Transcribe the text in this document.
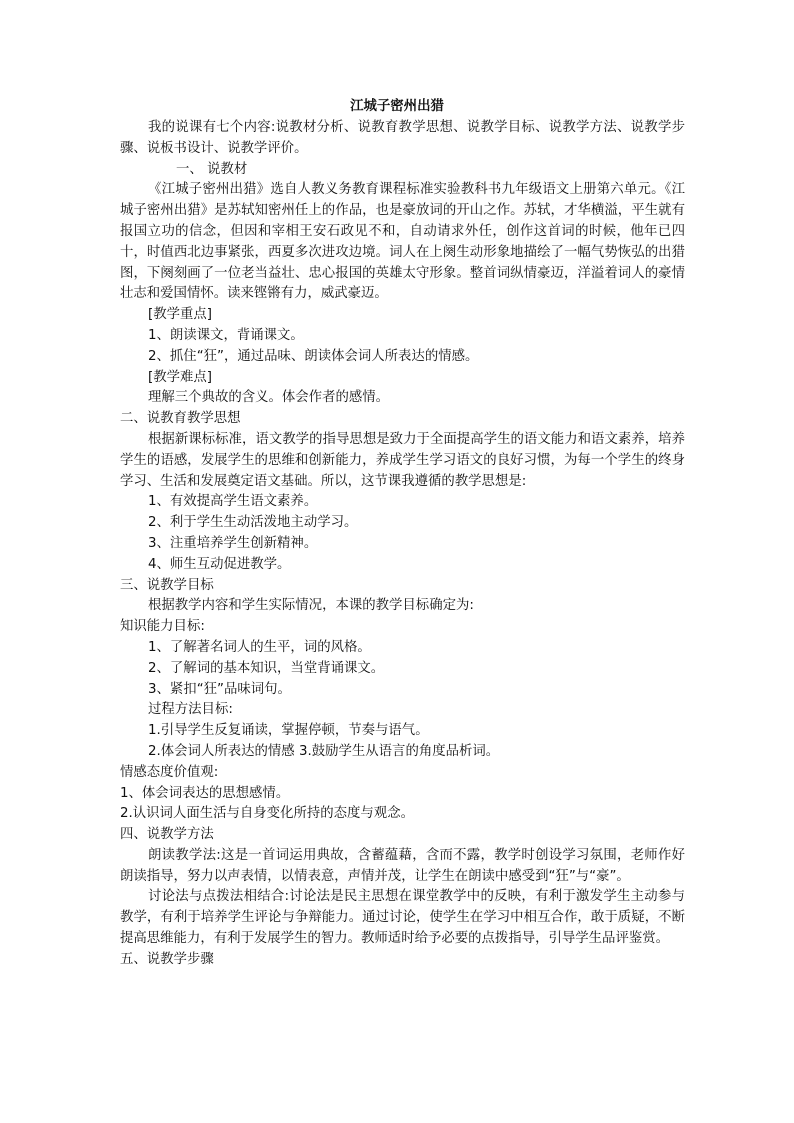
江城子密州出猎

我的说课有七个内容:说教材分析、说教育教学思想、说教学目标、说教学方法、说教学步骤、说板书设计、说教学评价。

一、 说教材

《江城子密州出猎》选自人教义务教育课程标准实验教科书九年级语文上册第六单元。《江城子密州出猎》是苏轼知密州任上的作品，也是豪放词的开山之作。苏轼，才华横溢，平生就有报国立功的信念，但因和宰相王安石政见不和，自动请求外任，创作这首词的时候，他年已四十，时值西北边事紧张，西夏多次进攻边境。词人在上阕生动形象地描绘了一幅气势恢弘的出猎图，下阕刻画了一位老当益壮、忠心报国的英雄太守形象。整首词纵情豪迈，洋溢着词人的豪情壮志和爱国情怀。读来铿锵有力，威武豪迈。

[教学重点]

1、朗读课文，背诵课文。

2、抓住“狂”，通过品味、朗读体会词人所表达的情感。

[教学难点]

理解三个典故的含义。体会作者的感情。

二、说教育教学思想

根据新课标标准，语文教学的指导思想是致力于全面提高学生的语文能力和语文素养，培养学生的语感，发展学生的思维和创新能力，养成学生学习语文的良好习惯，为每一个学生的终身学习、生活和发展奠定语文基础。所以，这节课我遵循的教学思想是:

1、有效提高学生语文素养。

2、利于学生生动活泼地主动学习。

3、注重培养学生创新精神。

4、师生互动促进教学。

三、说教学目标

根据教学内容和学生实际情况，本课的教学目标确定为:

知识能力目标:

1、了解著名词人的生平，词的风格。

2、了解词的基本知识，当堂背诵课文。

3、紧扣“狂”品味词句。

过程方法目标:

1.引导学生反复诵读，掌握停顿，节奏与语气。

2.体会词人所表达的情感 3.鼓励学生从语言的角度品析词。

情感态度价值观:

1、体会词表达的思想感情。

2.认识词人面生活与自身变化所持的态度与观念。

四、说教学方法

朗读教学法:这是一首词运用典故，含蓄蕴藉，含而不露，教学时创设学习氛围，老师作好朗读指导，努力以声表情，以情表意，声情并茂，让学生在朗读中感受到“狂”与“豪”。

讨论法与点拨法相结合:讨论法是民主思想在课堂教学中的反映，有利于激发学生主动参与教学，有利于培养学生评论与争辩能力。通过讨论，使学生在学习中相互合作，敢于质疑，不断提高思维能力，有利于发展学生的智力。教师适时给予必要的点拨指导，引导学生品评鉴赏。

五、说教学步骤
